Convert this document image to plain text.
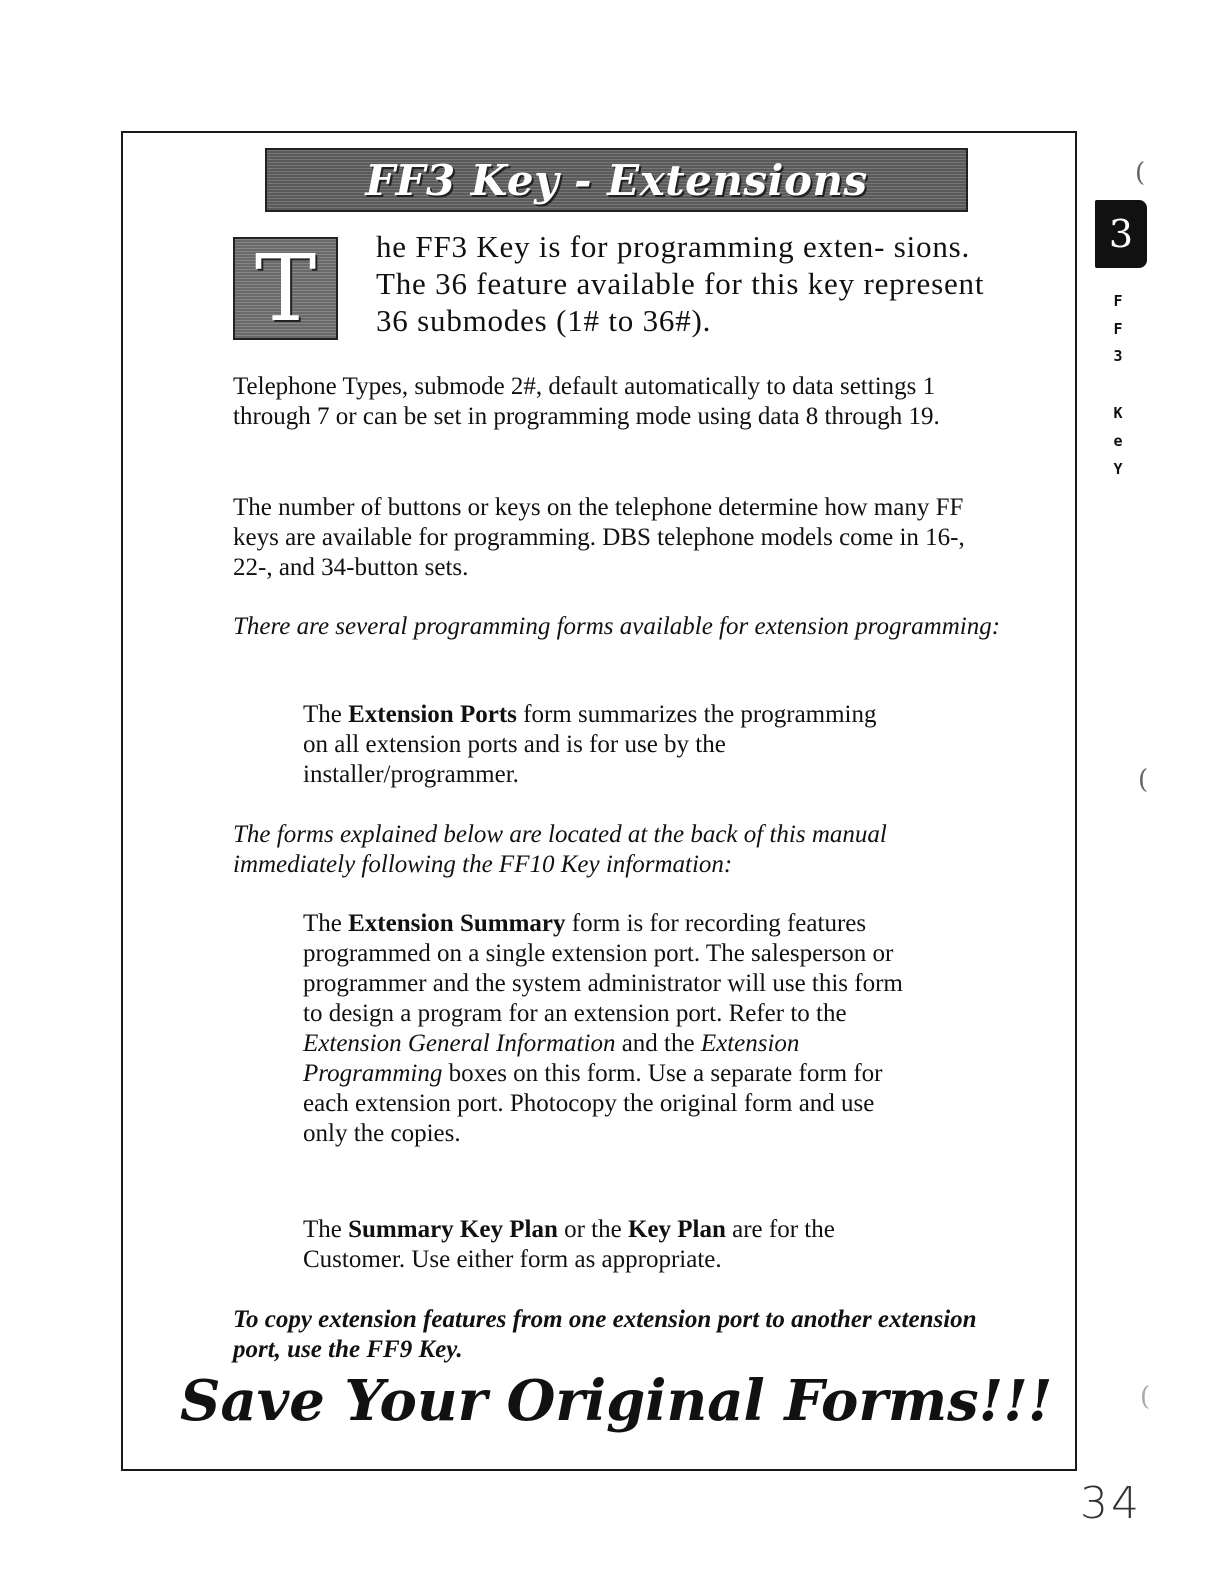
FF3 Key - Extensions
T he FF3 Key is for programming exten- sions. The 36 feature available for this key represent 36 submodes (1# to 36#).

Telephone Types, submode 2#, default automatically to data settings 1 through 7 or can be set in programming mode using data 8 through 19.

The number of buttons or keys on the telephone determine how many FF keys are available for programming. DBS telephone models come in 16-, 22-, and 34-button sets.

There are several programming forms available for extension programming:

The Extension Ports form summarizes the programming on all extension ports and is for use by the installer/programmer.

The forms explained below are located at the back of this manual immediately following the FF10 Key information:

The Extension Summary form is for recording features programmed on a single extension port. The salesperson or programmer and the system administrator will use this form to design a program for an extension port. Refer to the Extension General Information and the Extension Programming boxes on this form. Use a separate form for each extension port. Photocopy the original form and use only the copies.

The Summary Key Plan or the Key Plan are for the Customer. Use either form as appropriate.

To copy extension features from one extension port to another extension port, use the FF9 Key.

Save Your Original Forms!!!

3
F
F
3
K
e
Y
(
(
(
34
